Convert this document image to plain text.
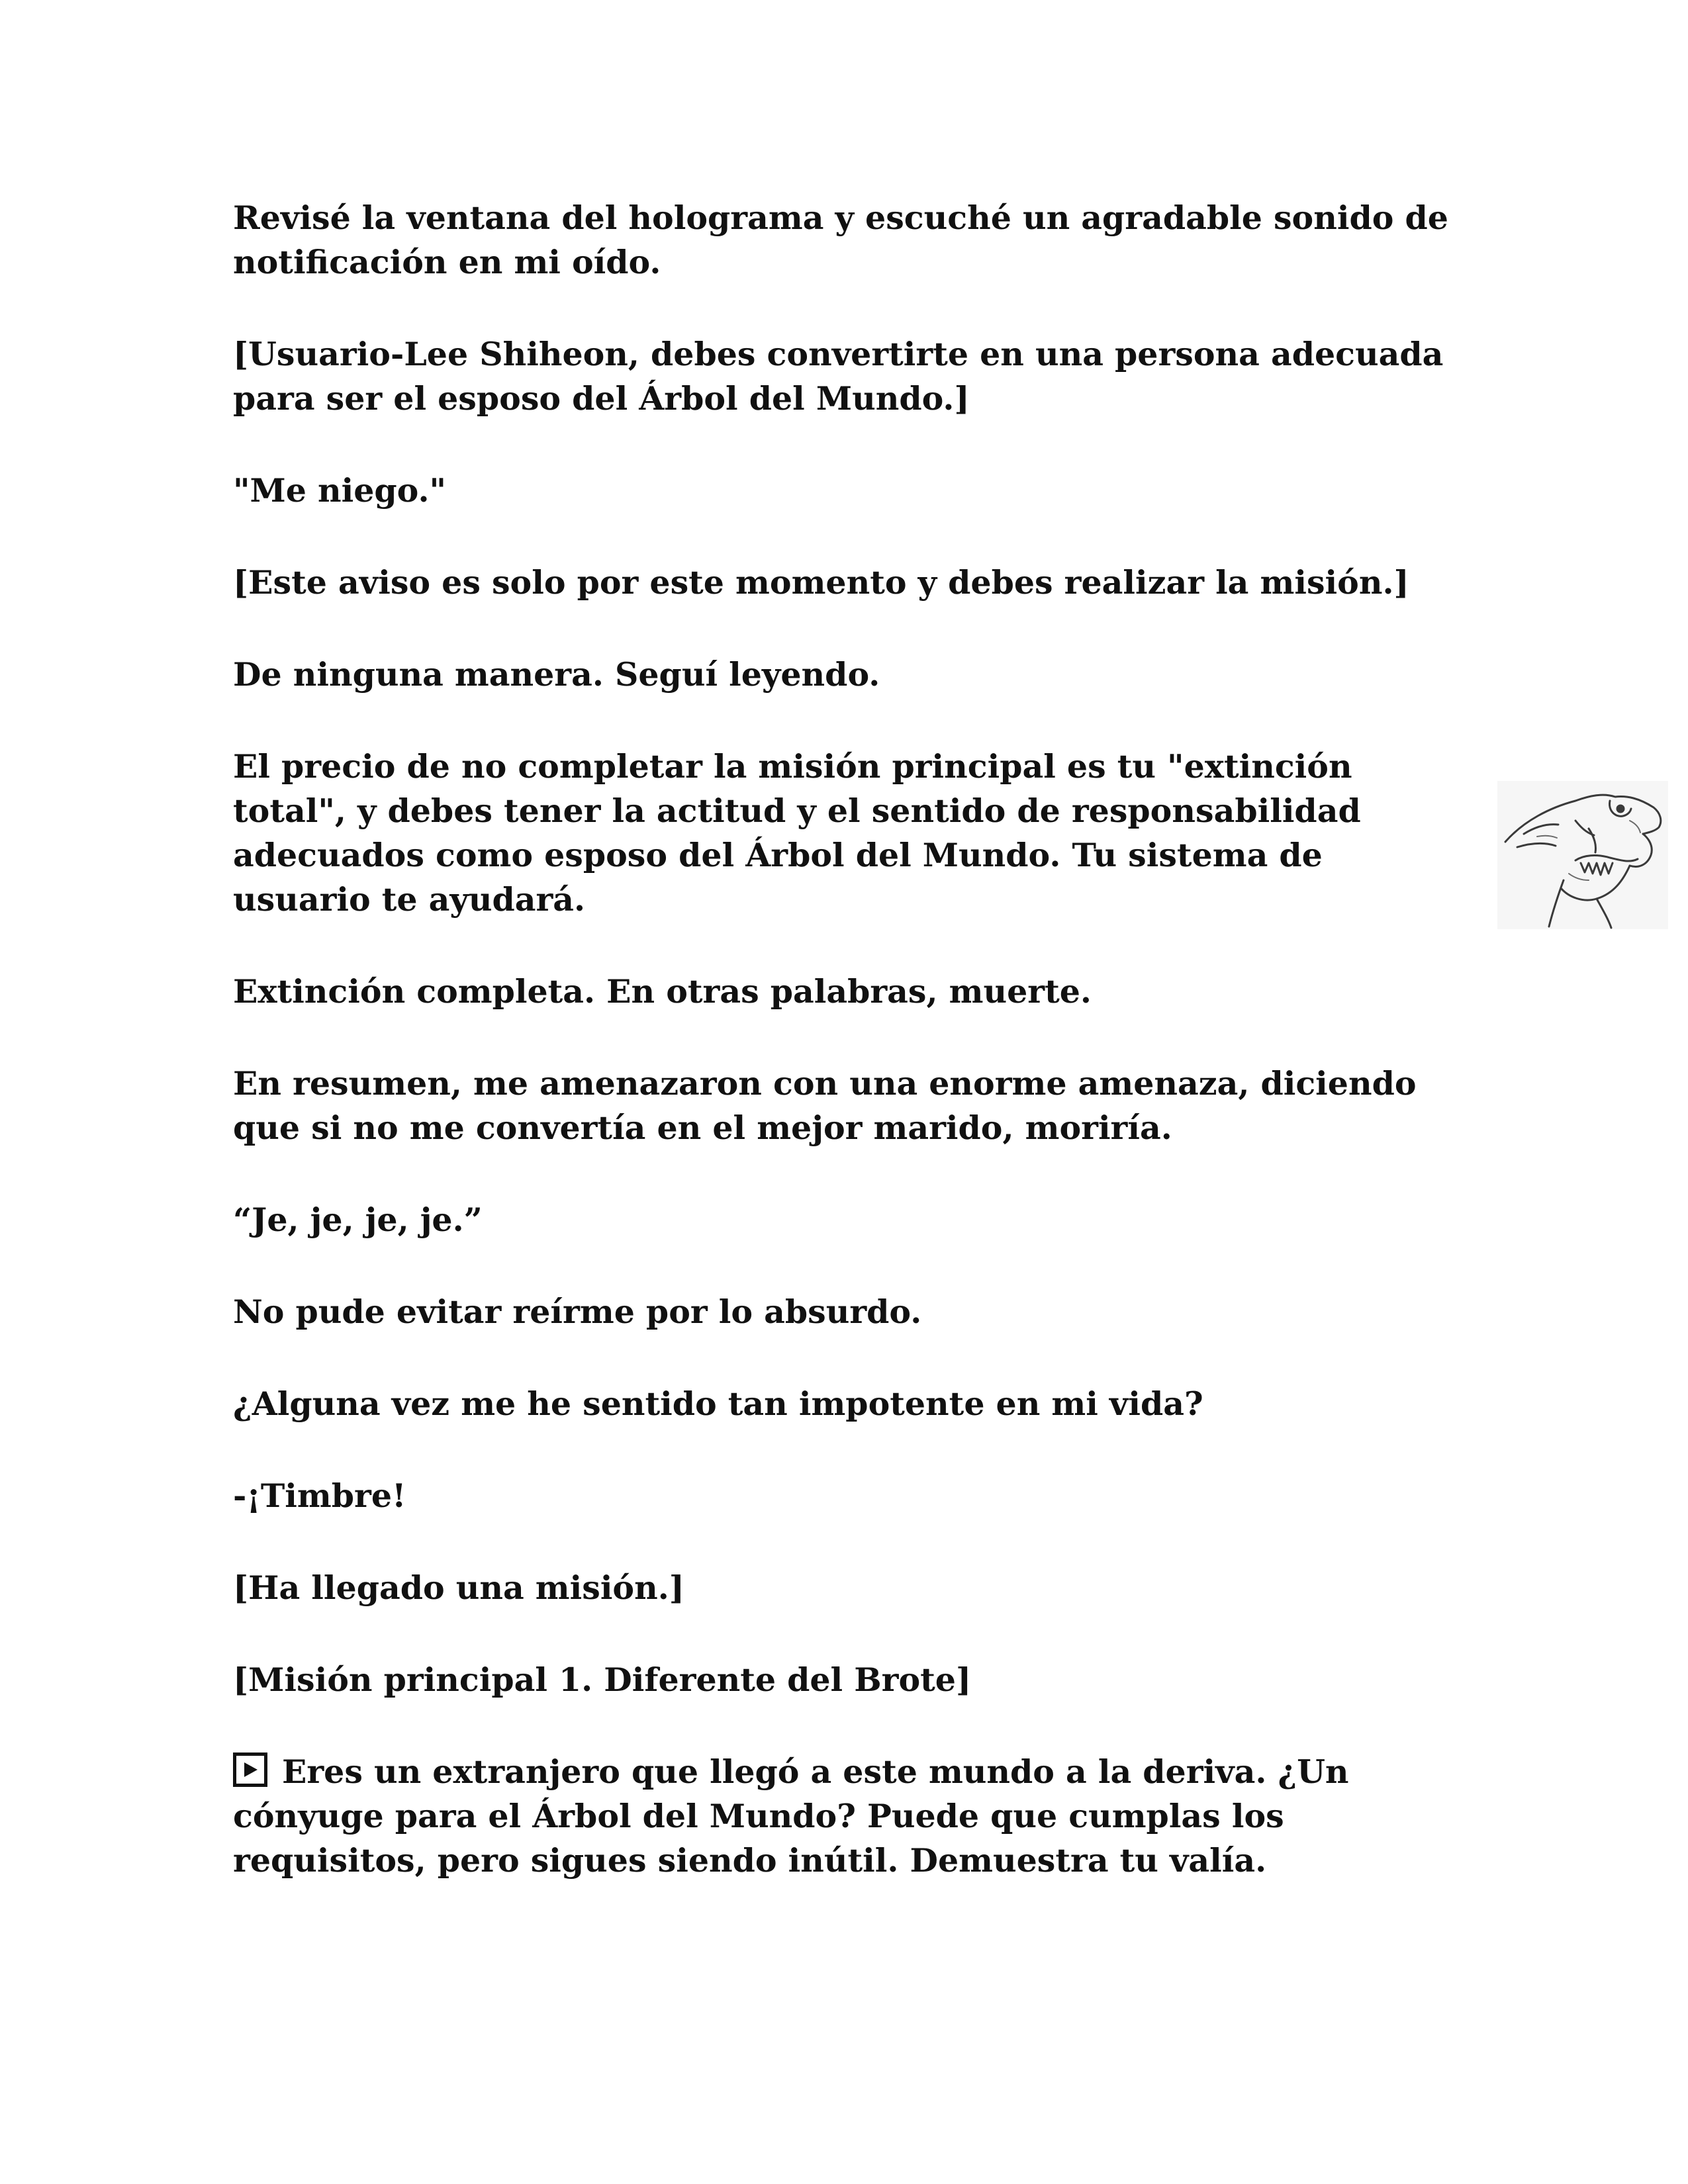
Revisé la ventana del holograma y escuché un agradable sonido de notificación en mi oído.

[Usuario-Lee Shiheon, debes convertirte en una persona adecuada para ser el esposo del Árbol del Mundo.]

"Me niego."

[Este aviso es solo por este momento y debes realizar la misión.]

De ninguna manera. Seguí leyendo.

El precio de no completar la misión principal es tu "extinción total", y debes tener la actitud y el sentido de responsabilidad adecuados como esposo del Árbol del Mundo. Tu sistema de usuario te ayudará.

Extinción completa. En otras palabras, muerte.

En resumen, me amenazaron con una enorme amenaza, diciendo que si no me convertía en el mejor marido, moriría.

“Je, je, je, je.”

No pude evitar reírme por lo absurdo.

¿Alguna vez me he sentido tan impotente en mi vida?

-¡Timbre!

[Ha llegado una misión.]

[Misión principal 1. Diferente del Brote]

Eres un extranjero que llegó a este mundo a la deriva. ¿Un cónyuge para el Árbol del Mundo? Puede que cumplas los requisitos, pero sigues siendo inútil. Demuestra tu valía.
